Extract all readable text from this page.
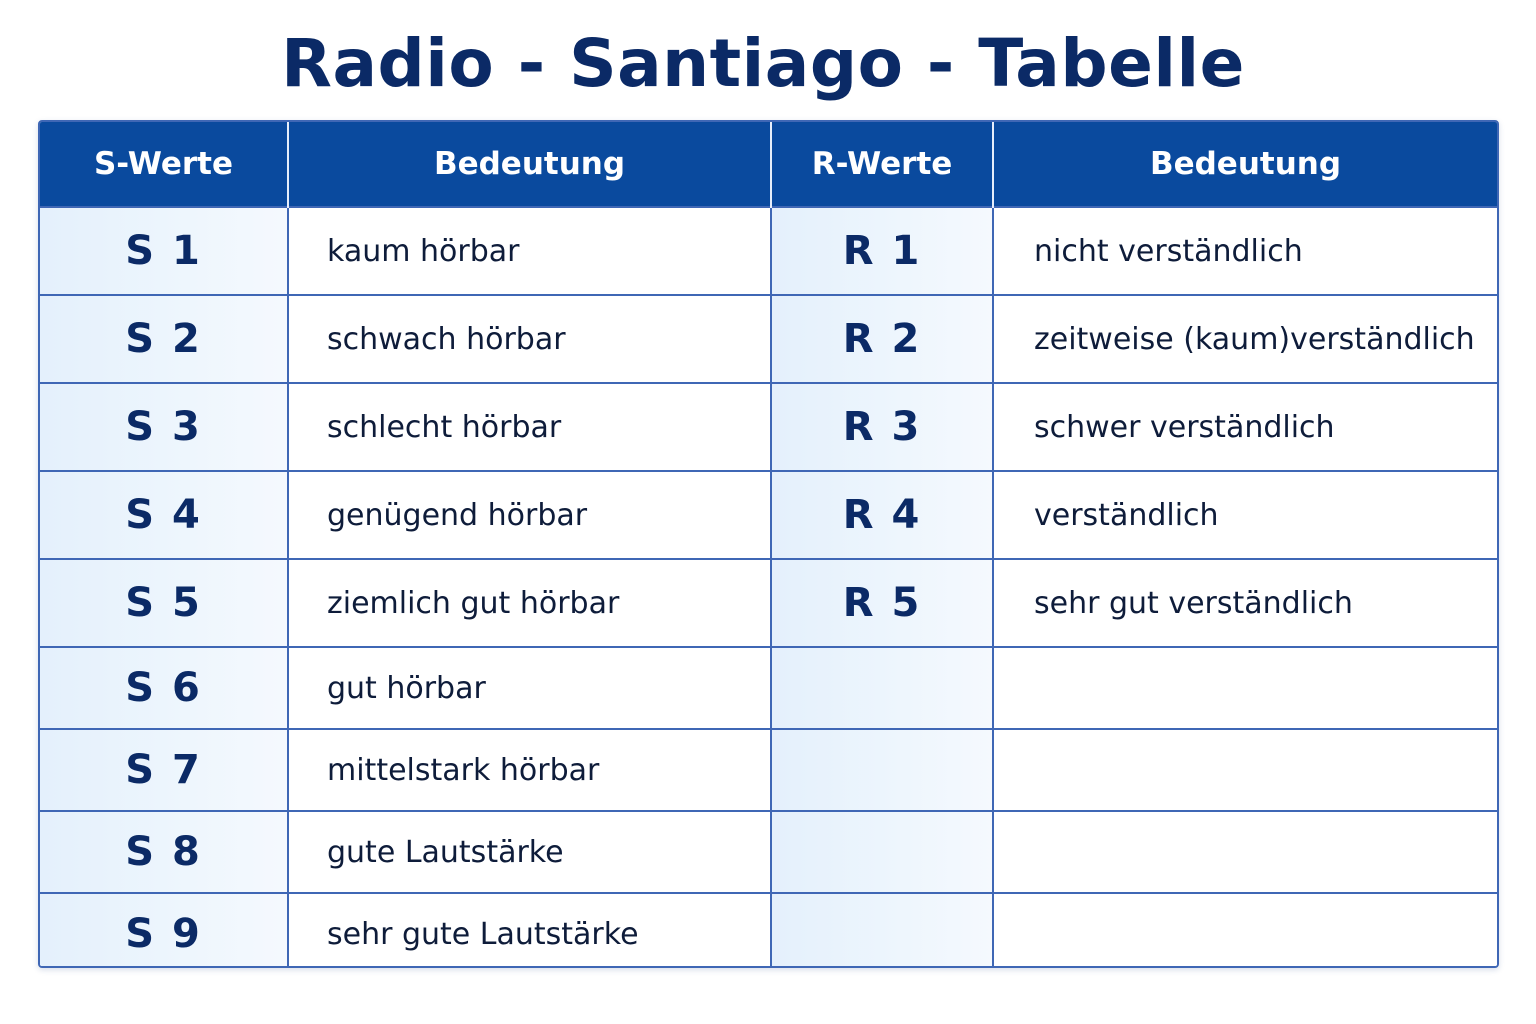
Radio - Santiago - Tabelle
S-Werte	Bedeutung	R-Werte	Bedeutung
S 1	kaum hörbar	R 1	nicht verständlich
S 2	schwach hörbar	R 2	zeitweise (kaum)verständlich
S 3	schlecht hörbar	R 3	schwer verständlich
S 4	genügend hörbar	R 4	verständlich
S 5	ziemlich gut hörbar	R 5	sehr gut verständlich
S 6	gut hörbar		
S 7	mittelstark hörbar		
S 8	gute Lautstärke		
S 9	sehr gute Lautstärke		
